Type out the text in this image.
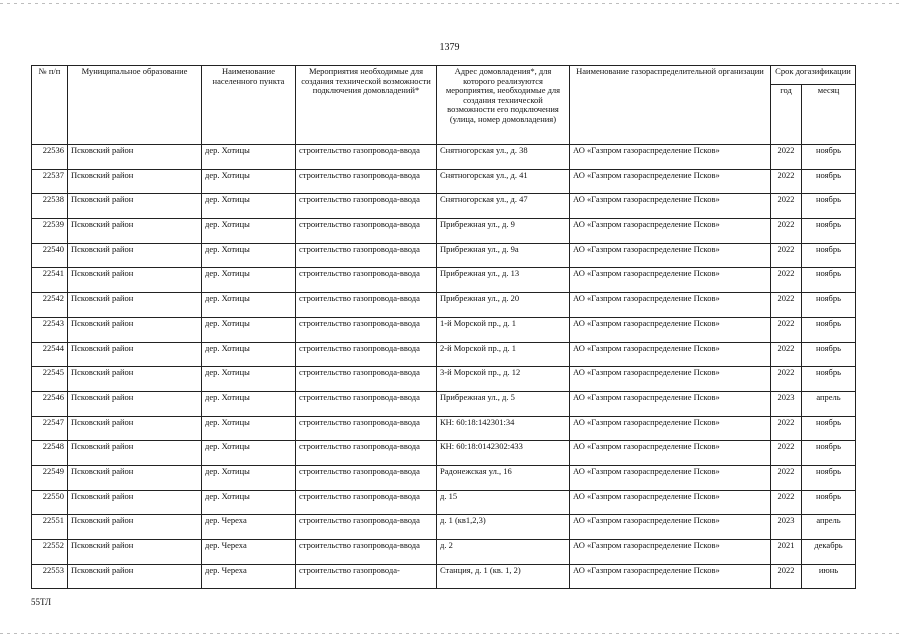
1379
№ п/п	Муниципальное образование	Наименование населенного пункта	Мероприятия необходимые для создания технической возможности подключения домовладений*	Адрес домовладения*, для которого реализуются мероприятия, необходимые для создания технической возможности его подключения (улица, номер домовладения)	Наименование газораспределительной организации	Срок догазификации	
						год	месяц
22536	Псковский район	дер. Хотицы	строительство газопровода-ввода	Снятногорская ул., д. 38	АО «Газпром газораспределение Псков»	2022	ноябрь
22537	Псковский район	дер. Хотицы	строительство газопровода-ввода	Снятногорская ул., д. 41	АО «Газпром газораспределение Псков»	2022	ноябрь
22538	Псковский район	дер. Хотицы	строительство газопровода-ввода	Снятногорская ул., д. 47	АО «Газпром газораспределение Псков»	2022	ноябрь
22539	Псковский район	дер. Хотицы	строительство газопровода-ввода	Прибрежная ул., д. 9	АО «Газпром газораспределение Псков»	2022	ноябрь
22540	Псковский район	дер. Хотицы	строительство газопровода-ввода	Прибрежная ул., д. 9а	АО «Газпром газораспределение Псков»	2022	ноябрь
22541	Псковский район	дер. Хотицы	строительство газопровода-ввода	Прибрежная ул., д. 13	АО «Газпром газораспределение Псков»	2022	ноябрь
22542	Псковский район	дер. Хотицы	строительство газопровода-ввода	Прибрежная ул., д. 20	АО «Газпром газораспределение Псков»	2022	ноябрь
22543	Псковский район	дер. Хотицы	строительство газопровода-ввода	1-й Морской пр., д. 1	АО «Газпром газораспределение Псков»	2022	ноябрь
22544	Псковский район	дер. Хотицы	строительство газопровода-ввода	2-й Морской пр., д. 1	АО «Газпром газораспределение Псков»	2022	ноябрь
22545	Псковский район	дер. Хотицы	строительство газопровода-ввода	3-й Морской пр., д. 12	АО «Газпром газораспределение Псков»	2022	ноябрь
22546	Псковский район	дер. Хотицы	строительство газопровода-ввода	Прибрежная ул., д. 5	АО «Газпром газораспределение Псков»	2023	апрель
22547	Псковский район	дер. Хотицы	строительство газопровода-ввода	КН: 60:18:142301:34	АО «Газпром газораспределение Псков»	2022	ноябрь
22548	Псковский район	дер. Хотицы	строительство газопровода-ввода	КН: 60:18:0142302:433	АО «Газпром газораспределение Псков»	2022	ноябрь
22549	Псковский район	дер. Хотицы	строительство газопровода-ввода	Радонежская ул., 16	АО «Газпром газораспределение Псков»	2022	ноябрь
22550	Псковский район	дер. Хотицы	строительство газопровода-ввода	д. 15	АО «Газпром газораспределение Псков»	2022	ноябрь
22551	Псковский район	дер. Череха	строительство газопровода-ввода	д. 1 (кв1,2,3)	АО «Газпром газораспределение Псков»	2023	апрель
22552	Псковский район	дер. Череха	строительство газопровода-ввода	д. 2	АО «Газпром газораспределение Псков»	2021	декабрь
22553	Псковский район	дер. Череха	строительство газопровода-	Станция, д. 1 (кв. 1, 2)	АО «Газпром газораспределение Псков»	2022	июнь
55ТЛ
